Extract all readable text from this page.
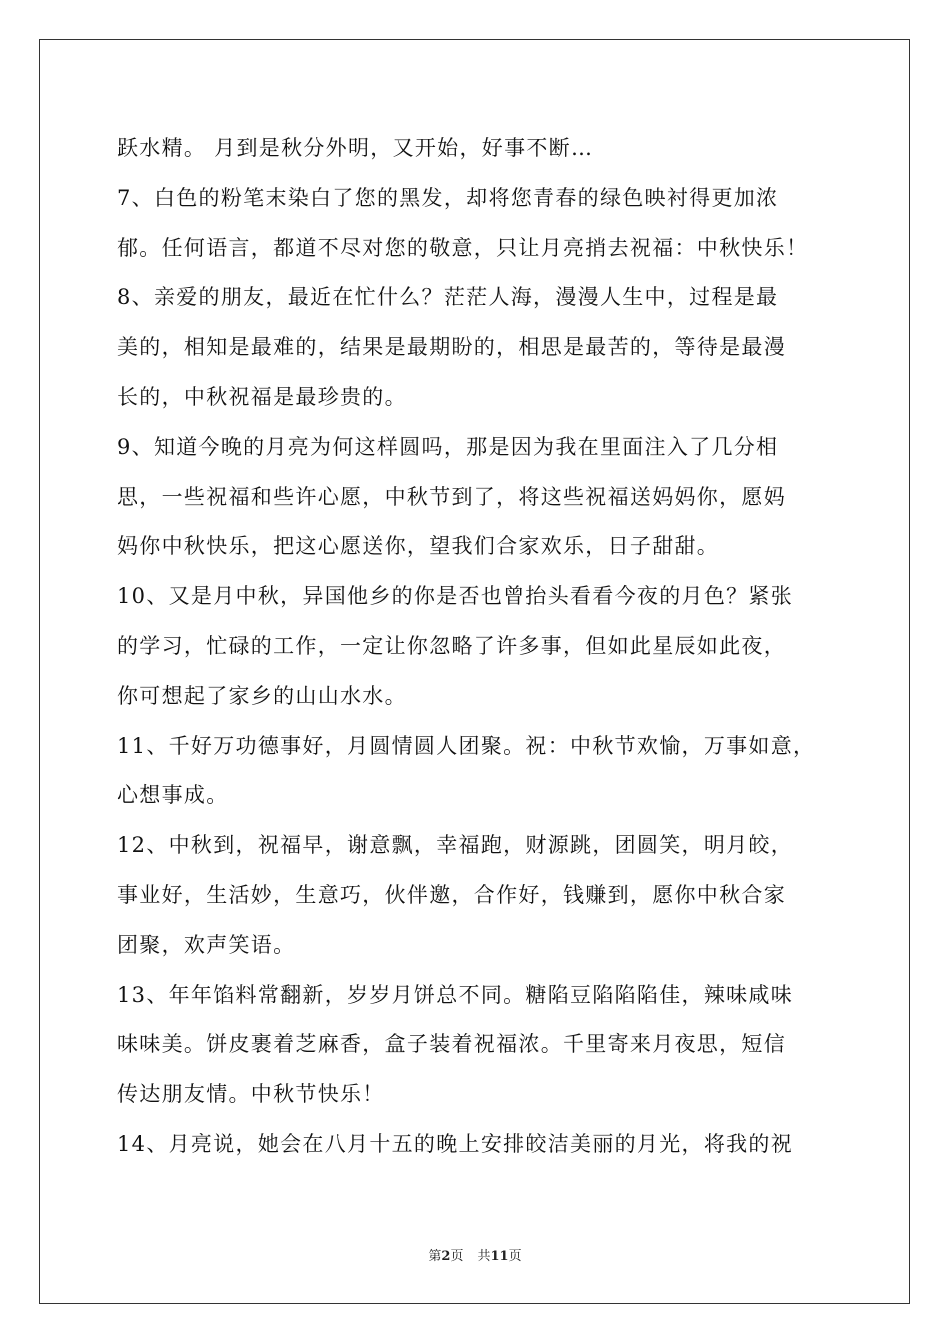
跃水精。 月到是秋分外明，又开始，好事不断…
7、白色的粉笔末染白了您的黑发，却将您青春的绿色映衬得更加浓
郁。任何语言，都道不尽对您的敬意，只让月亮捎去祝福：中秋快乐！
8、亲爱的朋友，最近在忙什么？茫茫人海，漫漫人生中，过程是最
美的，相知是最难的，结果是最期盼的，相思是最苦的，等待是最漫
长的，中秋祝福是最珍贵的。
9、知道今晚的月亮为何这样圆吗，那是因为我在里面注入了几分相
思，一些祝福和些许心愿，中秋节到了，将这些祝福送妈妈你，愿妈
妈你中秋快乐，把这心愿送你，望我们合家欢乐，日子甜甜。
10、又是月中秋，异国他乡的你是否也曾抬头看看今夜的月色？紧张
的学习，忙碌的工作，一定让你忽略了许多事，但如此星辰如此夜，
你可想起了家乡的山山水水。
11、千好万功德事好，月圆情圆人团聚。祝：中秋节欢愉，万事如意，
心想事成。
12、中秋到，祝福早，谢意飘，幸福跑，财源跳，团圆笑，明月皎，
事业好，生活妙，生意巧，伙伴邀，合作好，钱赚到，愿你中秋合家
团聚，欢声笑语。
13、年年馅料常翻新，岁岁月饼总不同。糖陷豆陷陷陷佳，辣味咸味
味味美。饼皮裹着芝麻香，盒子装着祝福浓。千里寄来月夜思，短信
传达朋友情。中秋节快乐！
14、月亮说，她会在八月十五的晚上安排皎洁美丽的月光，将我的祝
第2页 共11页
